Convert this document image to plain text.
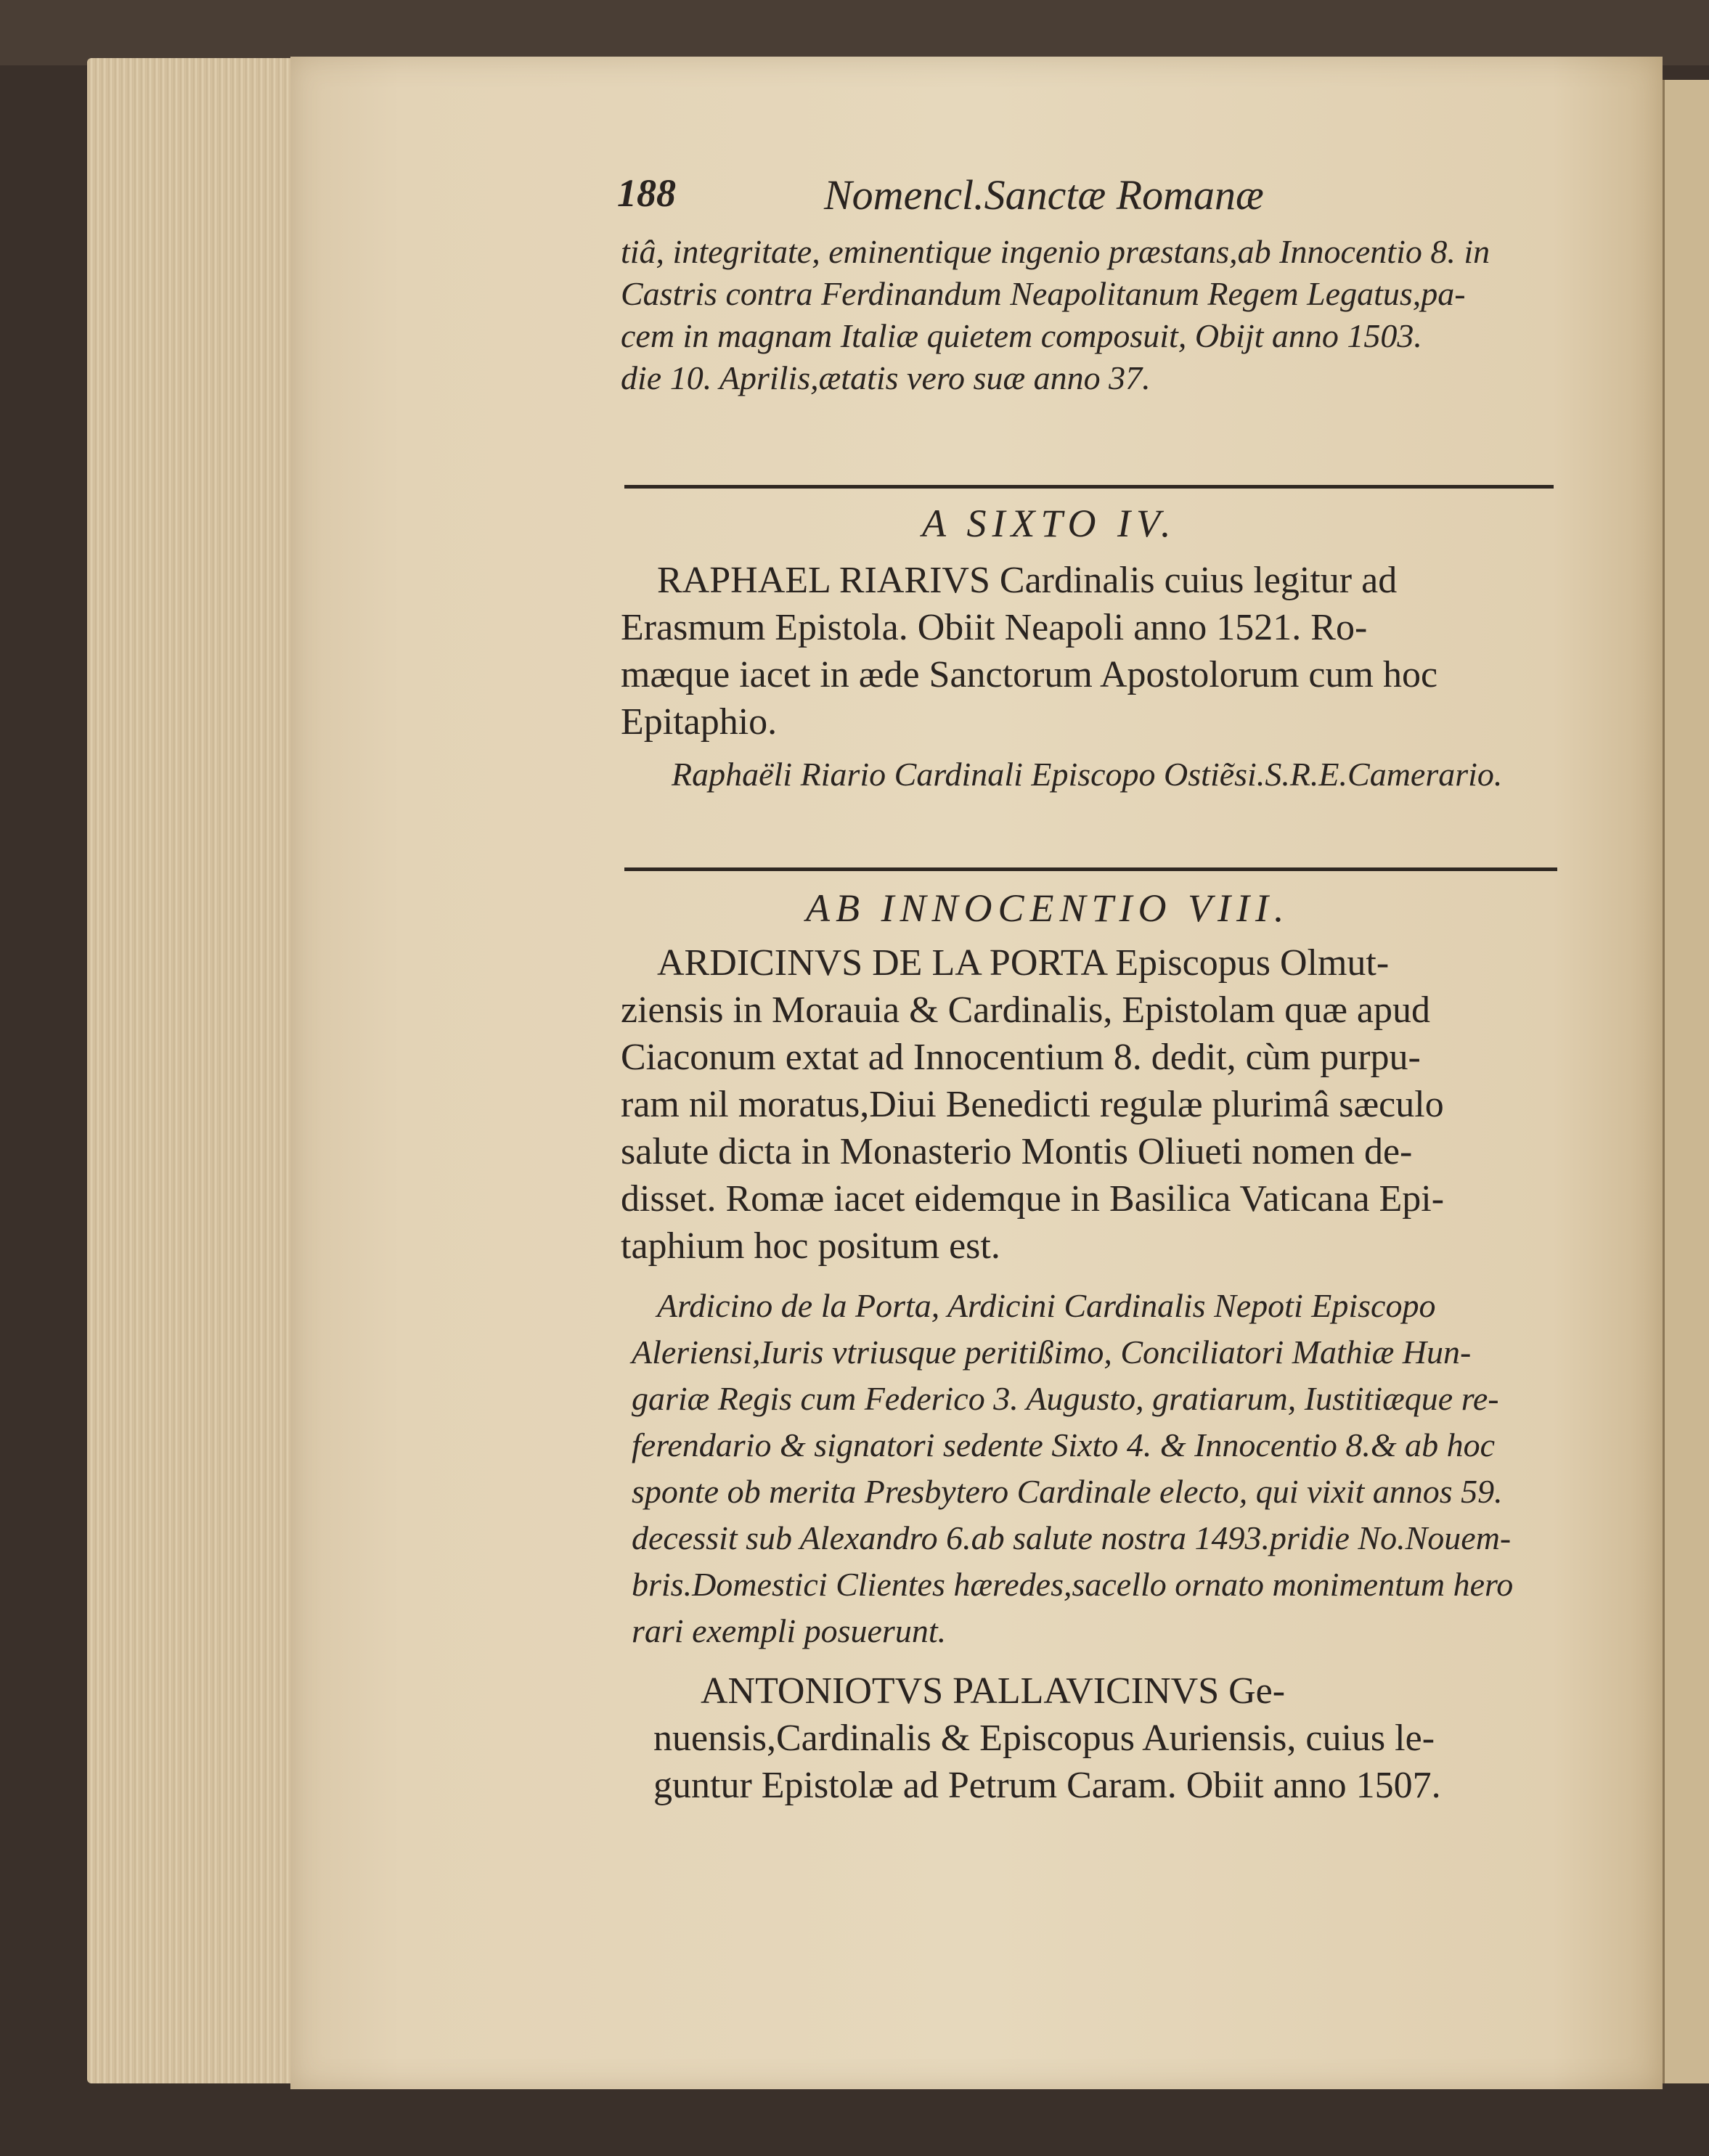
188	Nomencl.Sanctæ Romanæ
tiâ, integritate, eminentique ingenio præstans,ab Innocentio 8. in
Castris contra Ferdinandum Neapolitanum Regem Legatus,pa-
cem in magnam Italiæ quietem composuit, Obijt anno 1503.
die 10. Aprilis,ætatis vero suæ anno 37.
A SIXTO IV.
RAPHAEL RIARIVS Cardinalis cuius legitur ad
Erasmum Epistola. Obiit Neapoli anno 1521. Ro-
mæque iacet in æde Sanctorum Apostolorum cum hoc
Epitaphio.
Raphaëli Riario Cardinali Episcopo Ostiẽsi.S.R.E.Camerario.
AB INNOCENTIO VIII.
ARDICINVS DE LA PORTA Episcopus Olmut-
ziensis in Morauia & Cardinalis, Epistolam quæ apud
Ciaconum extat ad Innocentium 8. dedit, cùm purpu-
ram nil moratus,Diui Benedicti regulæ plurimâ sæculo
salute dicta in Monasterio Montis Oliueti nomen de-
disset. Romæ iacet eidemque in Basilica Vaticana Epi-
taphium hoc positum est.
Ardicino de la Porta, Ardicini Cardinalis Nepoti Episcopo
Aleriensi,Iuris vtriusque peritißimo, Conciliatori Mathiæ Hun-
gariæ Regis cum Federico 3. Augusto, gratiarum, Iustitiæque re-
ferendario & signatori sedente Sixto 4. & Innocentio 8.& ab hoc
sponte ob merita Presbytero Cardinale electo, qui vixit annos 59.
decessit sub Alexandro 6.ab salute nostra 1493.pridie No.Nouem-
bris.Domestici Clientes hæredes,sacello ornato monimentum hero
rari exempli posuerunt.
ANTONIOTVS PALLAVICINVS Ge-
nuensis,Cardinalis & Episcopus Auriensis, cuius le-
guntur Epistolæ ad Petrum Caram. Obiit anno 1507.
